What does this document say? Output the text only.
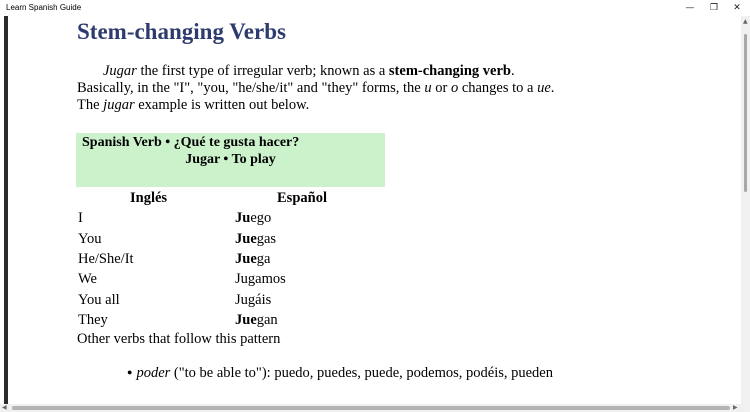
Learn Spanish Guide	—	❐	✕
▲
◀	▶
Stem-changing Verbs
Jugar the first type of irregular verb; known as a stem-changing verb.
Basically, in the "I", "you, "he/she/it" and "they" forms, the u or o changes to a ue.
The jugar example is written out below.
Spanish Verb • ¿Qué te gusta hacer?
Jugar • To play
Inglés	Español
I	Juego
You	Juegas
He/She/It	Juega
We	Jugamos
You all	Jugáis
They	Juegan
Other verbs that follow this pattern
● poder ("to be able to"): puedo, puedes, puede, podemos, podéis, pueden
